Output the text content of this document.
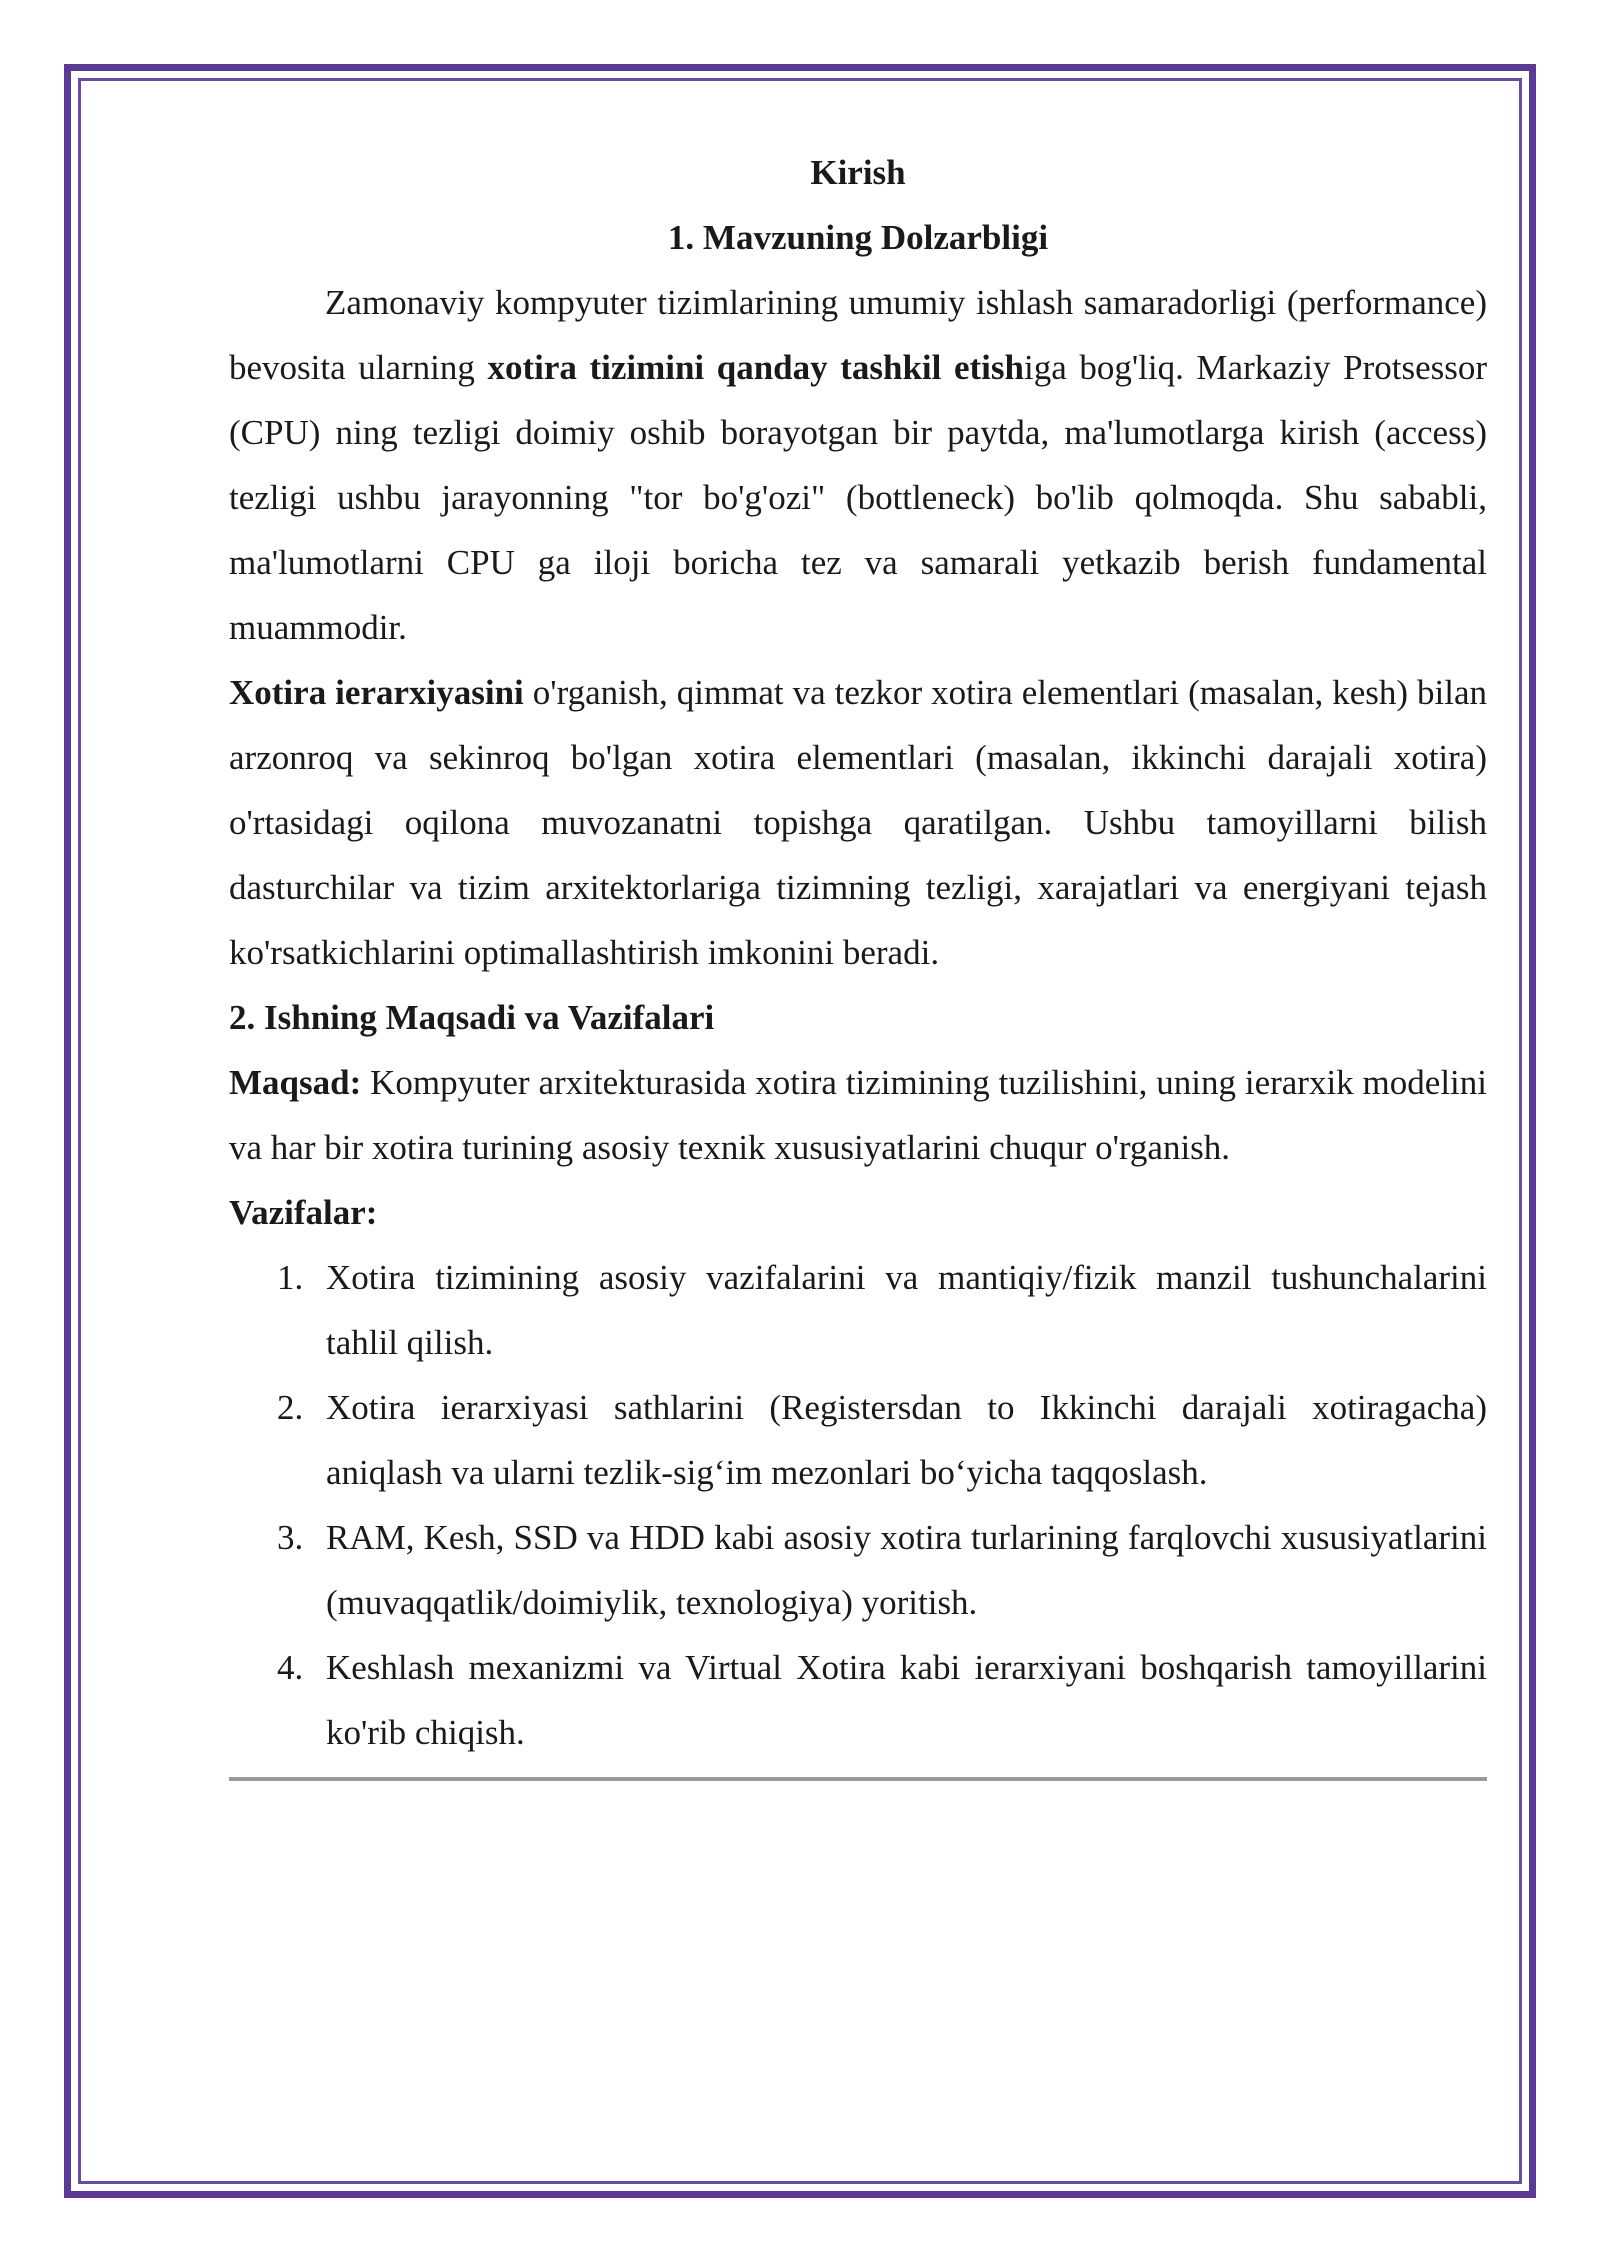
Kirish

1. Mavzuning Dolzarbligi

Zamonaviy kompyuter tizimlarining umumiy ishlash samaradorligi (performance) bevosita ularning xotira tizimini qanday tashkil etishiga bog'liq. Markaziy Protsessor (CPU) ning tezligi doimiy oshib borayotgan bir paytda, ma'lumotlarga kirish (access) tezligi ushbu jarayonning "tor bo'g'ozi" (bottleneck) bo'lib qolmoqda. Shu sababli, ma'lumotlarni CPU ga iloji boricha tez va samarali yetkazib berish fundamental muammodir.

Xotira ierarxiyasini o'rganish, qimmat va tezkor xotira elementlari (masalan, kesh) bilan arzonroq va sekinroq bo'lgan xotira elementlari (masalan, ikkinchi darajali xotira) o'rtasidagi oqilona muvozanatni topishga qaratilgan. Ushbu tamoyillarni bilish dasturchilar va tizim arxitektorlariga tizimning tezligi, xarajatlari va energiyani tejash ko'rsatkichlarini optimallashtirish imkonini beradi.

2. Ishning Maqsadi va Vazifalari

Maqsad: Kompyuter arxitekturasida xotira tizimining tuzilishini, uning ierarxik modelini va har bir xotira turining asosiy texnik xususiyatlarini chuqur o'rganish.

Vazifalar:

1. Xotira tizimining asosiy vazifalarini va mantiqiy/fizik manzil tushunchalarini tahlil qilish.
2. Xotira ierarxiyasi sathlarini (Registersdan to Ikkinchi darajali xotiragacha) aniqlash va ularni tezlik-sig‘im mezonlari bo‘yicha taqqoslash.
3. RAM, Kesh, SSD va HDD kabi asosiy xotira turlarining farqlovchi xususiyatlarini (muvaqqatlik/doimiylik, texnologiya) yoritish.
4. Keshlash mexanizmi va Virtual Xotira kabi ierarxiyani boshqarish tamoyillarini ko'rib chiqish.
